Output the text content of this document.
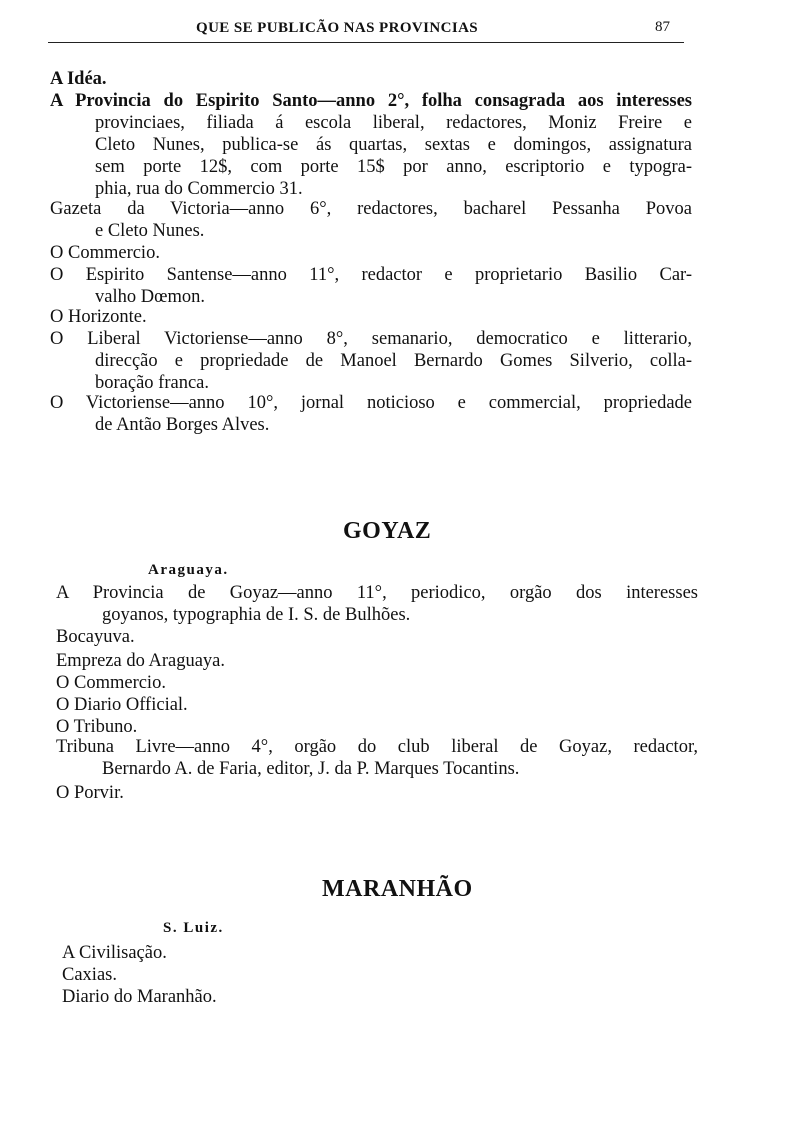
QUE SE PUBLICÃO NAS PROVINCIAS	87
A Idéa.
A Provincia do Espirito Santo—anno 2°, folha consagrada aos interesses
provinciaes, filiada á escola liberal, redactores, Moniz Freire e
Cleto Nunes, publica-se ás quartas, sextas e domingos, assignatura
sem porte 12$, com porte 15$ por anno, escriptorio e typogra-
phia, rua do Commercio 31.
Gazeta da Victoria—anno 6°, redactores, bacharel Pessanha Povoa
e Cleto Nunes.
O Commercio.
O Espirito Santense—anno 11°, redactor e proprietario Basilio Car-
valho Dœmon.
O Horizonte.
O Liberal Victoriense—anno 8°, semanario, democratico e litterario,
direcção e propriedade de Manoel Bernardo Gomes Silverio, colla-
boração franca.
O Victoriense—anno 10°, jornal noticioso e commercial, propriedade
de Antão Borges Alves.
GOYAZ
Araguaya.
A Provincia de Goyaz—anno 11°, periodico, orgão dos interesses
goyanos, typographia de I. S. de Bulhões.
Bocayuva.
Empreza do Araguaya.
O Commercio.
O Diario Official.
O Tribuno.
Tribuna Livre—anno 4°, orgão do club liberal de Goyaz, redactor,
Bernardo A. de Faria, editor, J. da P. Marques Tocantins.
O Porvir.
MARANHÃO
S. Luiz.
A Civilisação.
Caxias.
Diario do Maranhão.
